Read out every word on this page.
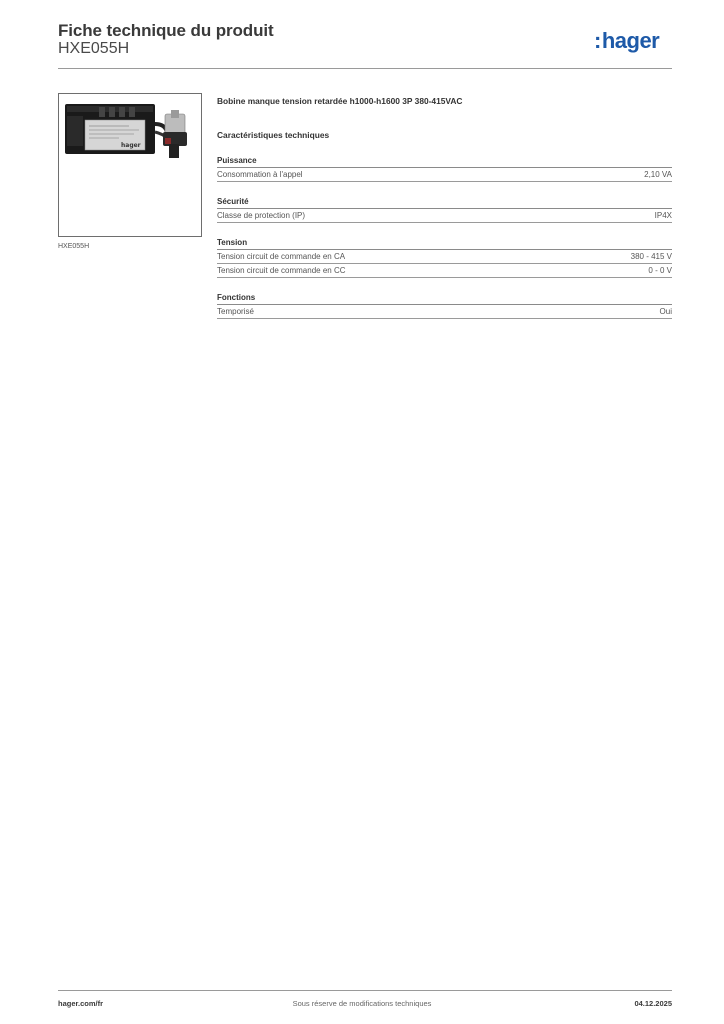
Fiche technique du produit
HXE055H	:hager
hager
HXE055H
Bobine manque tension retardée h1000-h1600 3P 380-415VAC
Caractéristiques techniques
Puissance
Consommation à l'appel	2,10 VA
Sécurité
Classe de protection (IP)	IP4X
Tension
Tension circuit de commande en CA	380 - 415 V
Tension circuit de commande en CC	0 - 0 V
Fonctions
Temporisé	Oui
hager.com/fr	Sous réserve de modifications techniques	04.12.2025
